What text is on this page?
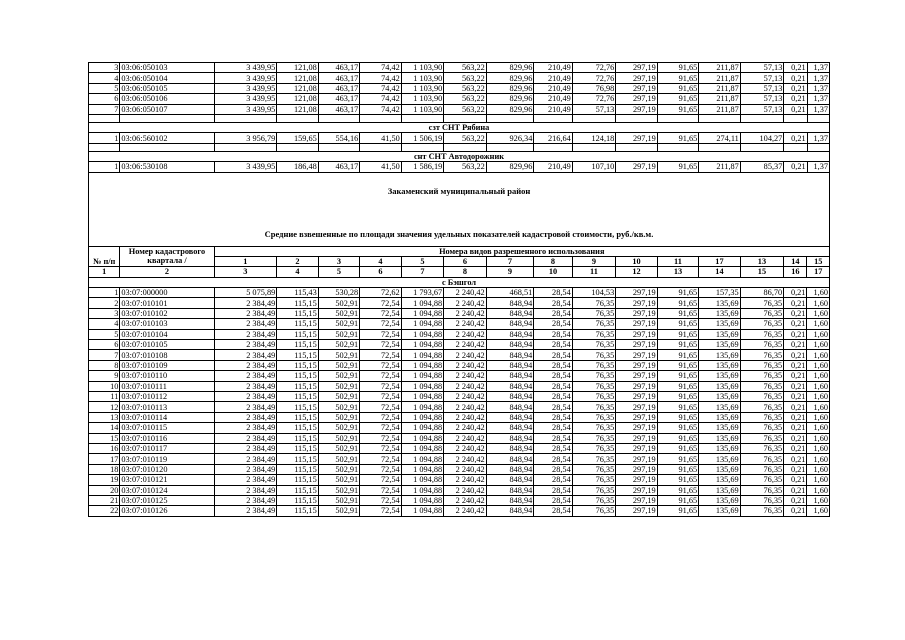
3	03:06:050103	3 439,95	121,08	463,17	74,42	1 103,90	563,22	829,96	210,49	72,76	297,19	91,65	211,87	57,13	0,21	1,37
4	03:06:050104	3 439,95	121,08	463,17	74,42	1 103,90	563,22	829,96	210,49	72,76	297,19	91,65	211,87	57,13	0,21	1,37
5	03:06:050105	3 439,95	121,08	463,17	74,42	1 103,90	563,22	829,96	210,49	76,98	297,19	91,65	211,87	57,13	0,21	1,37
6	03:06:050106	3 439,95	121,08	463,17	74,42	1 103,90	563,22	829,96	210,49	72,76	297,19	91,65	211,87	57,13	0,21	1,37
7	03:06:050107	3 439,95	121,08	463,17	74,42	1 103,90	563,22	829,96	210,49	57,13	297,19	91,65	211,87	57,13	0,21	1,37

сзт СНТ Рябина																
1	03:06:560102	3 956,79	159,65	554,16	41,50	1 506,19	563,22	926,34	216,64	124,18	297,19	91,65	274,11	104,27	0,21	1,37

снт СНТ Автодорожник																
1	03:06:530108	3 439,95	186,48	463,17	41,50	1 586,19	563,22	829,96	210,49	107,10	297,19	91,65	211,87	85,37	0,21	1,37
Закаменский муниципальный район
Средние взвешенные по площади значения удельных показателей кадастровой стоимости, руб./кв.м.
№ п/п	Номер кадастрового квартала /	Номера видов разрешенного использования														
		1	2	3	4	5	6	7	8	9	10	11	17	13	14	15
1	2	3	4	5	6	7	8	9	10	11	12	13	14	15	16	17
с Бэшгол																
1	03:07:000000	5 075,89	115,43	530,28	72,62	1 793,67	2 240,42	468,51	28,54	104,53	297,19	91,65	157,35	86,70	0,21	1,60
2	03:07:010101	2 384,49	115,15	502,91	72,54	1 094,88	2 240,42	848,94	28,54	76,35	297,19	91,65	135,69	76,35	0,21	1,60
3	03:07:010102	2 384,49	115,15	502,91	72,54	1 094,88	2 240,42	848,94	28,54	76,35	297,19	91,65	135,69	76,35	0,21	1,60
4	03:07:010103	2 384,49	115,15	502,91	72,54	1 094,88	2 240,42	848,94	28,54	76,35	297,19	91,65	135,69	76,35	0,21	1,60
5	03:07:010104	2 384,49	115,15	502,91	72,54	1 094,88	2 240,42	848,94	28,54	76,35	297,19	91,65	135,69	76,35	0,21	1,60
6	03:07:010105	2 384,49	115,15	502,91	72,54	1 094,88	2 240,42	848,94	28,54	76,35	297,19	91,65	135,69	76,35	0,21	1,60
7	03:07:010108	2 384,49	115,15	502,91	72,54	1 094,88	2 240,42	848,94	28,54	76,35	297,19	91,65	135,69	76,35	0,21	1,60
8	03:07:010109	2 384,49	115,15	502,91	72,54	1 094,88	2 240,42	848,94	28,54	76,35	297,19	91,65	135,69	76,35	0,21	1,60
9	03:07:010110	2 384,49	115,15	502,91	72,54	1 094,88	2 240,42	848,94	28,54	76,35	297,19	91,65	135,69	76,35	0,21	1,60
10	03:07:010111	2 384,49	115,15	502,91	72,54	1 094,88	2 240,42	848,94	28,54	76,35	297,19	91,65	135,69	76,35	0,21	1,60
11	03:07:010112	2 384,49	115,15	502,91	72,54	1 094,88	2 240,42	848,94	28,54	76,35	297,19	91,65	135,69	76,35	0,21	1,60
12	03:07:010113	2 384,49	115,15	502,91	72,54	1 094,88	2 240,42	848,94	28,54	76,35	297,19	91,65	135,69	76,35	0,21	1,60
13	03:07:010114	2 384,49	115,15	502,91	72,54	1 094,88	2 240,42	848,94	28,54	76,35	297,19	91,65	135,69	76,35	0,21	1,60
14	03:07:010115	2 384,49	115,15	502,91	72,54	1 094,88	2 240,42	848,94	28,54	76,35	297,19	91,65	135,69	76,35	0,21	1,60
15	03:07:010116	2 384,49	115,15	502,91	72,54	1 094,88	2 240,42	848,94	28,54	76,35	297,19	91,65	135,69	76,35	0,21	1,60
16	03:07:010117	2 384,49	115,15	502,91	72,54	1 094,88	2 240,42	848,94	28,54	76,35	297,19	91,65	135,69	76,35	0,21	1,60
17	03:07:010119	2 384,49	115,15	502,91	72,54	1 094,88	2 240,42	848,94	28,54	76,35	297,19	91,65	135,69	76,35	0,21	1,60
18	03:07:010120	2 384,49	115,15	502,91	72,54	1 094,88	2 240,42	848,94	28,54	76,35	297,19	91,65	135,69	76,35	0,21	1,60
19	03:07:010121	2 384,49	115,15	502,91	72,54	1 094,88	2 240,42	848,94	28,54	76,35	297,19	91,65	135,69	76,35	0,21	1,60
20	03:07:010124	2 384,49	115,15	502,91	72,54	1 094,88	2 240,42	848,94	28,54	76,35	297,19	91,65	135,69	76,35	0,21	1,60
21	03:07:010125	2 384,49	115,15	502,91	72,54	1 094,88	2 240,42	848,94	28,54	76,35	297,19	91,65	135,69	76,35	0,21	1,60
22	03:07:010126	2 384,49	115,15	502,91	72,54	1 094,88	2 240,42	848,94	28,54	76,35	297,19	91,65	135,69	76,35	0,21	1,60
